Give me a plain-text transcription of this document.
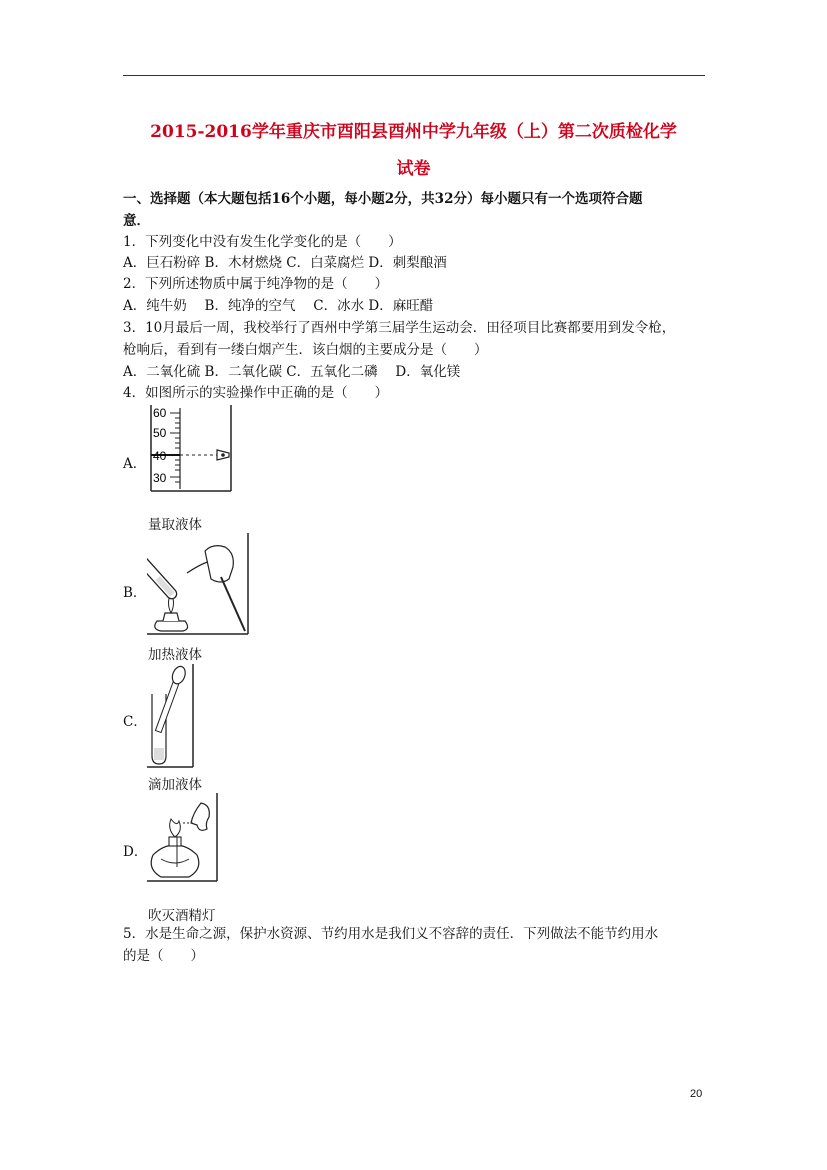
2015-2016学年重庆市酉阳县酉州中学九年级（上）第二次质检化学
试卷
一、选择题（本大题包括16个小题，每小题2分，共32分）每小题只有一个选项符合题
意．
1．下列变化中没有发生化学变化的是（　　）
A．巨石粉碎 B．木材燃烧 C．白菜腐烂 D．刺梨酿酒
2．下列所述物质中属于纯净物的是（　　）
A．纯牛奶　 B．纯净的空气　 C．冰水 D．麻旺醋
3．10月最后一周，我校举行了酉州中学第三届学生运动会．田径项目比赛都要用到发令枪，
枪响后，看到有一缕白烟产生．该白烟的主要成分是（　　）
A．二氧化硫 B．二氧化碳 C．五氧化二磷　 D．氧化镁
4．如图所示的实验操作中正确的是（　　）
A．
60
50
40
30
量取液体
B．
加热液体
C．
滴加液体
D．
吹灭酒精灯
5．水是生命之源，保护水资源、节约用水是我们义不容辞的责任．下列做法不能节约用水
的是（　　）
20
